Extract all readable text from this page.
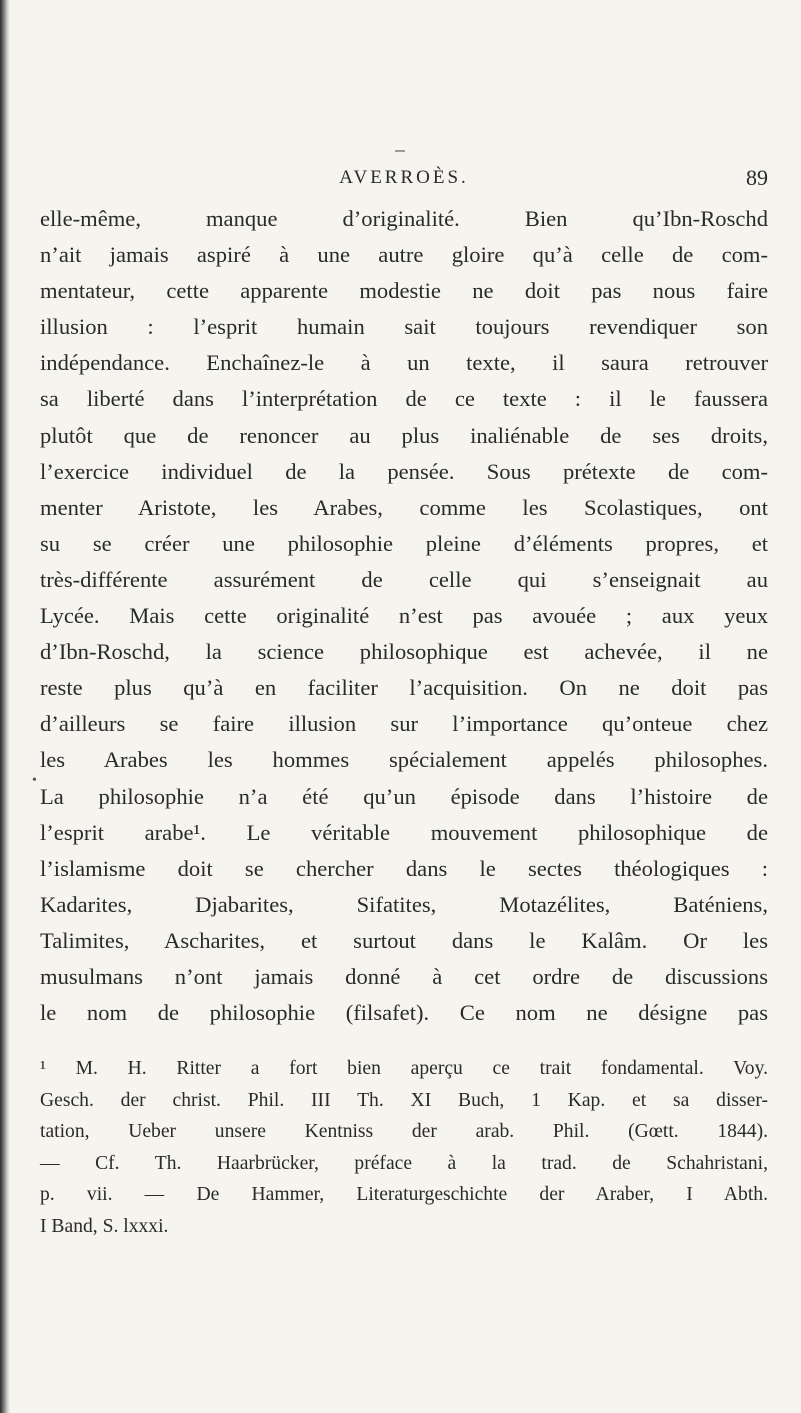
•
AVERROÈS.	89
elle-même, manque d’originalité. Bien qu’Ibn-Roschd
n’ait jamais aspiré à une autre gloire qu’à celle de com-
mentateur, cette apparente modestie ne doit pas nous faire
illusion : l’esprit humain sait toujours revendiquer son
indépendance. Enchaînez-le à un texte, il saura retrouver
sa liberté dans l’interprétation de ce texte : il le faussera
plutôt que de renoncer au plus inaliénable de ses droits,
l’exercice individuel de la pensée. Sous prétexte de com-
menter Aristote, les Arabes, comme les Scolastiques, ont
su se créer une philosophie pleine d’éléments propres, et
très-différente assurément de celle qui s’enseignait au
Lycée. Mais cette originalité n’est pas avouée ; aux yeux
d’Ibn-Roschd, la science philosophique est achevée, il ne
reste plus qu’à en faciliter l’acquisition. On ne doit pas
d’ailleurs se faire illusion sur l’importance qu’onteue chez
les Arabes les hommes spécialement appelés philosophes.
La philosophie n’a été qu’un épisode dans l’histoire de
l’esprit arabe¹. Le véritable mouvement philosophique de
l’islamisme doit se chercher dans le sectes théologiques :
Kadarites, Djabarites, Sifatites, Motazélites, Baténiens,
Talimites, Ascharites, et surtout dans le Kalâm. Or les
musulmans n’ont jamais donné à cet ordre de discussions
le nom de philosophie (filsafet). Ce nom ne désigne pas
¹ M. H. Ritter a fort bien aperçu ce trait fondamental. Voy.
Gesch. der christ. Phil. III Th. XI Buch, 1 Kap. et sa disser-
tation, Ueber unsere Kentniss der arab. Phil. (Gœtt. 1844).
— Cf. Th. Haarbrücker, préface à la trad. de Schahristani,
p. vii. — De Hammer, Literaturgeschichte der Araber, I Abth.
I Band, S. lxxxi.
